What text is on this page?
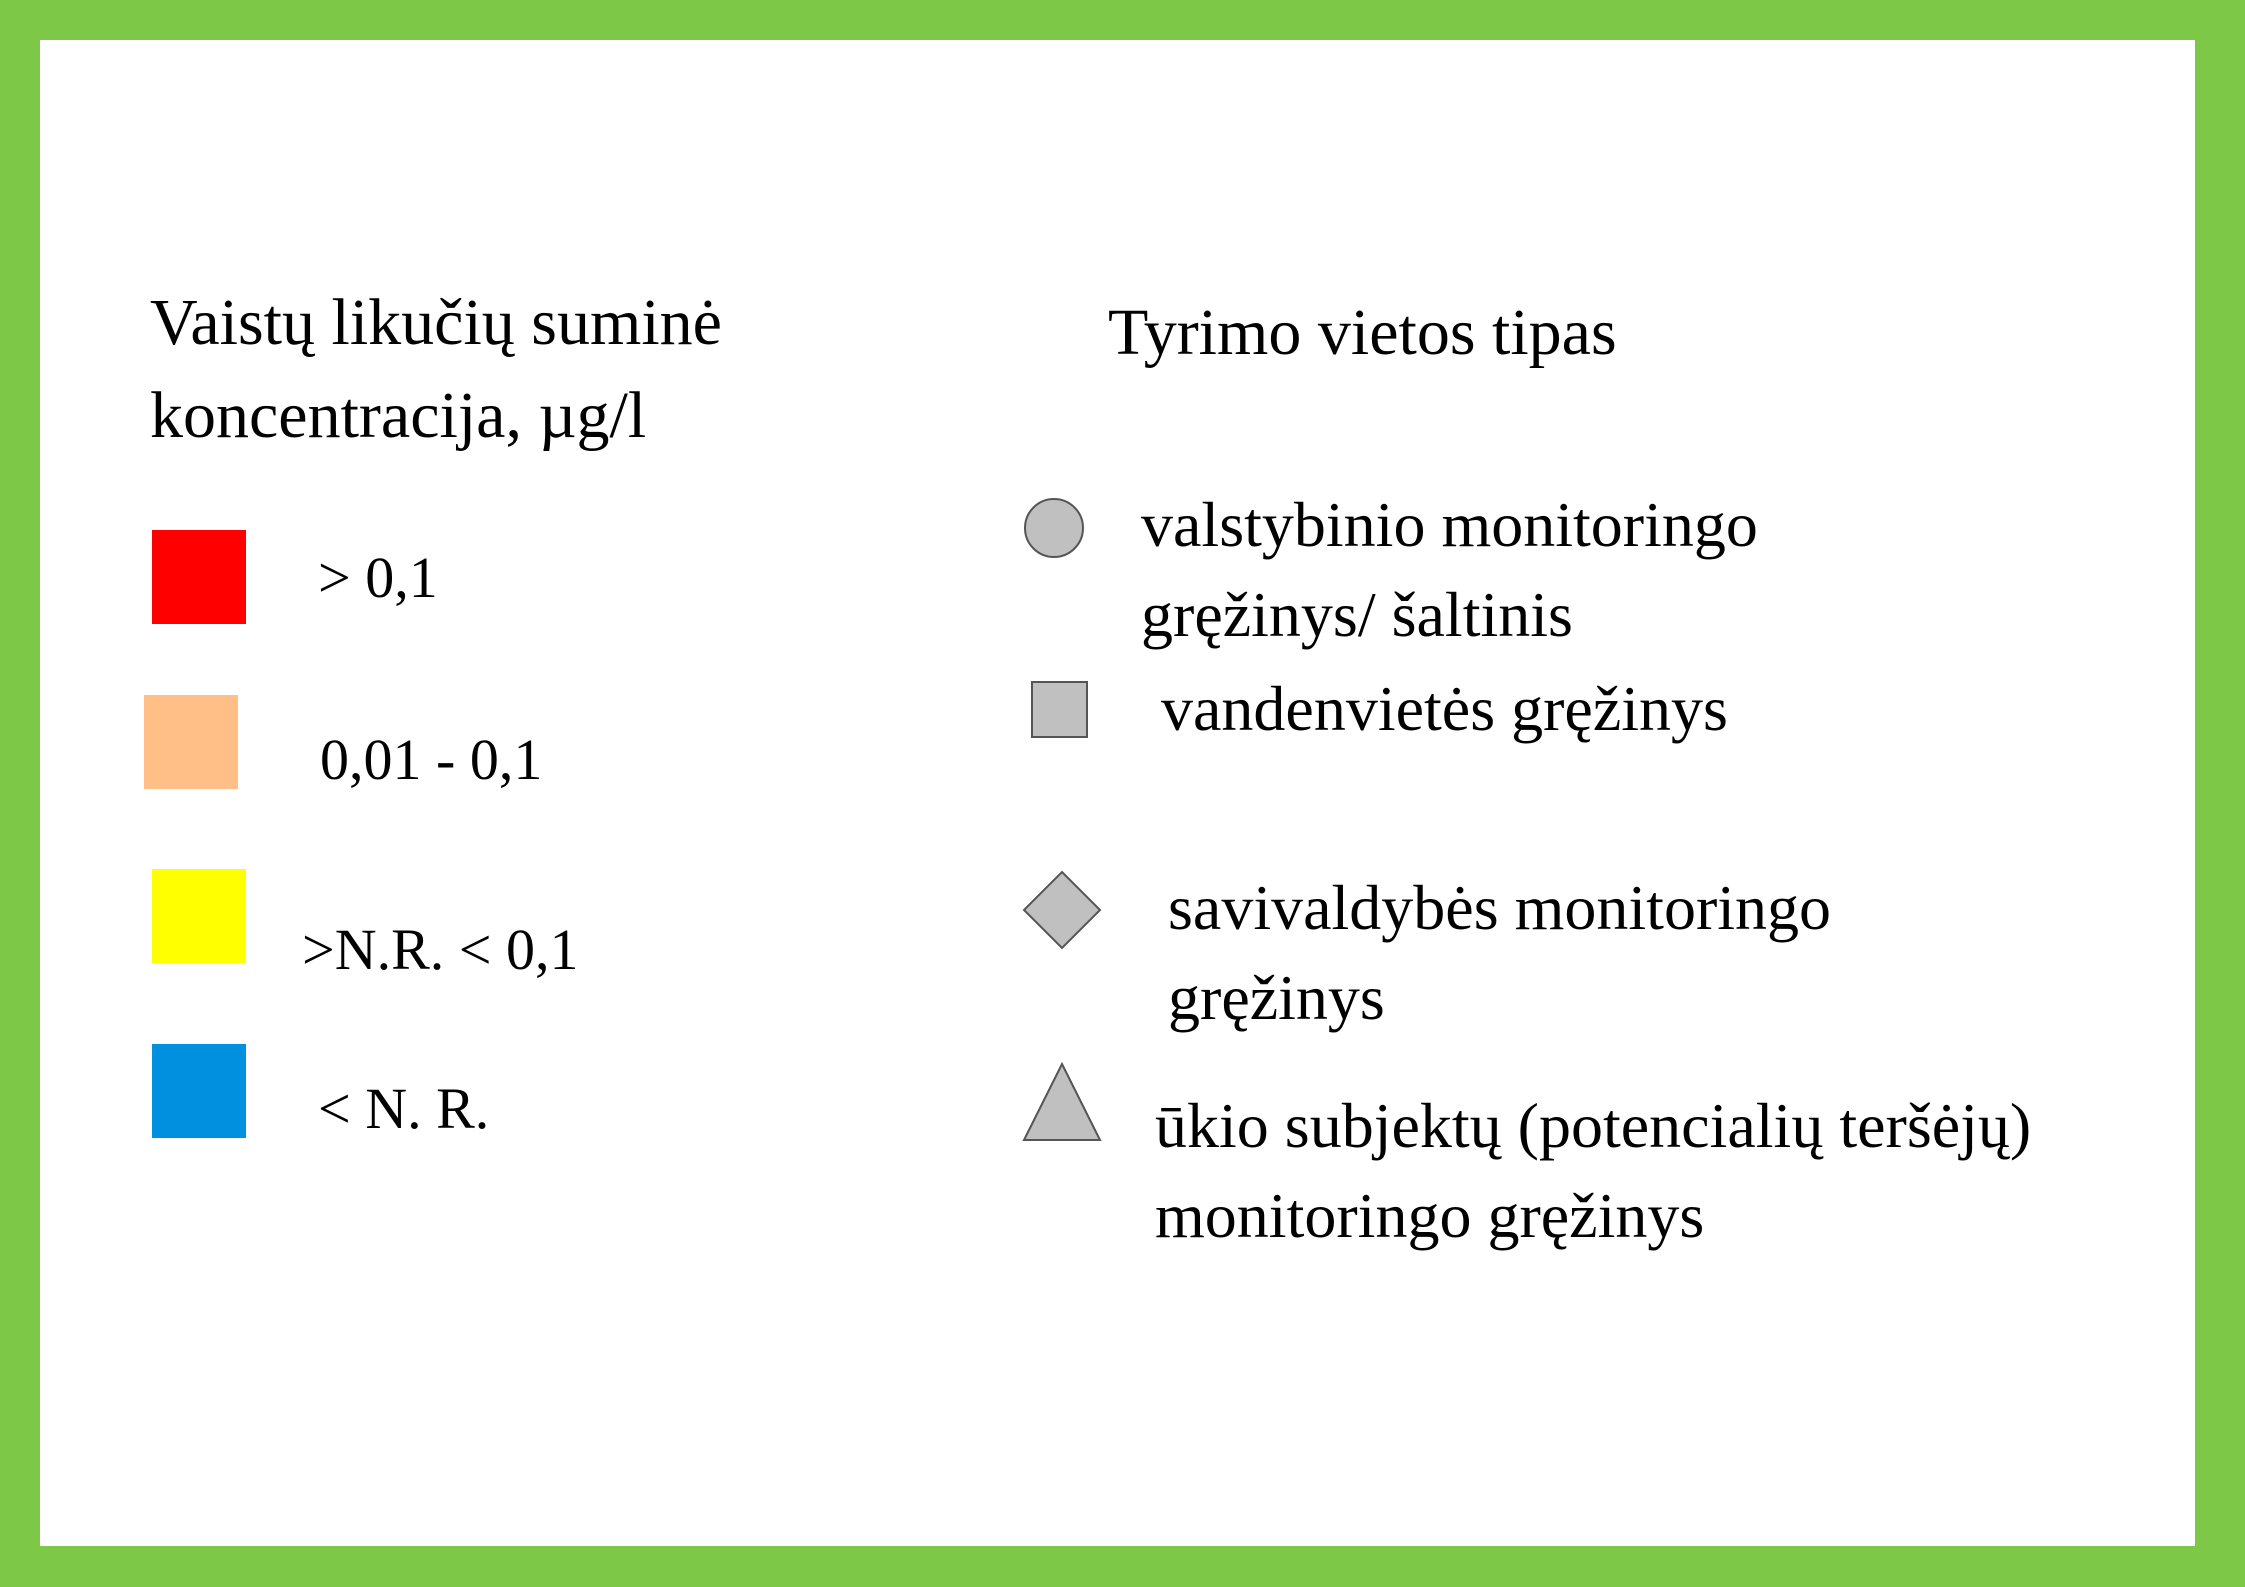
Vaistų likučių suminė
koncentracija, µg/l
> 0,1
0,01 - 0,1
>N.R. < 0,1
< N. R.
Tyrimo vietos tipas
valstybinio monitoringo
gręžinys/ šaltinis
vandenvietės gręžinys
savivaldybės monitoringo
gręžinys
ūkio subjektų (potencialių teršėjų)
monitoringo gręžinys
